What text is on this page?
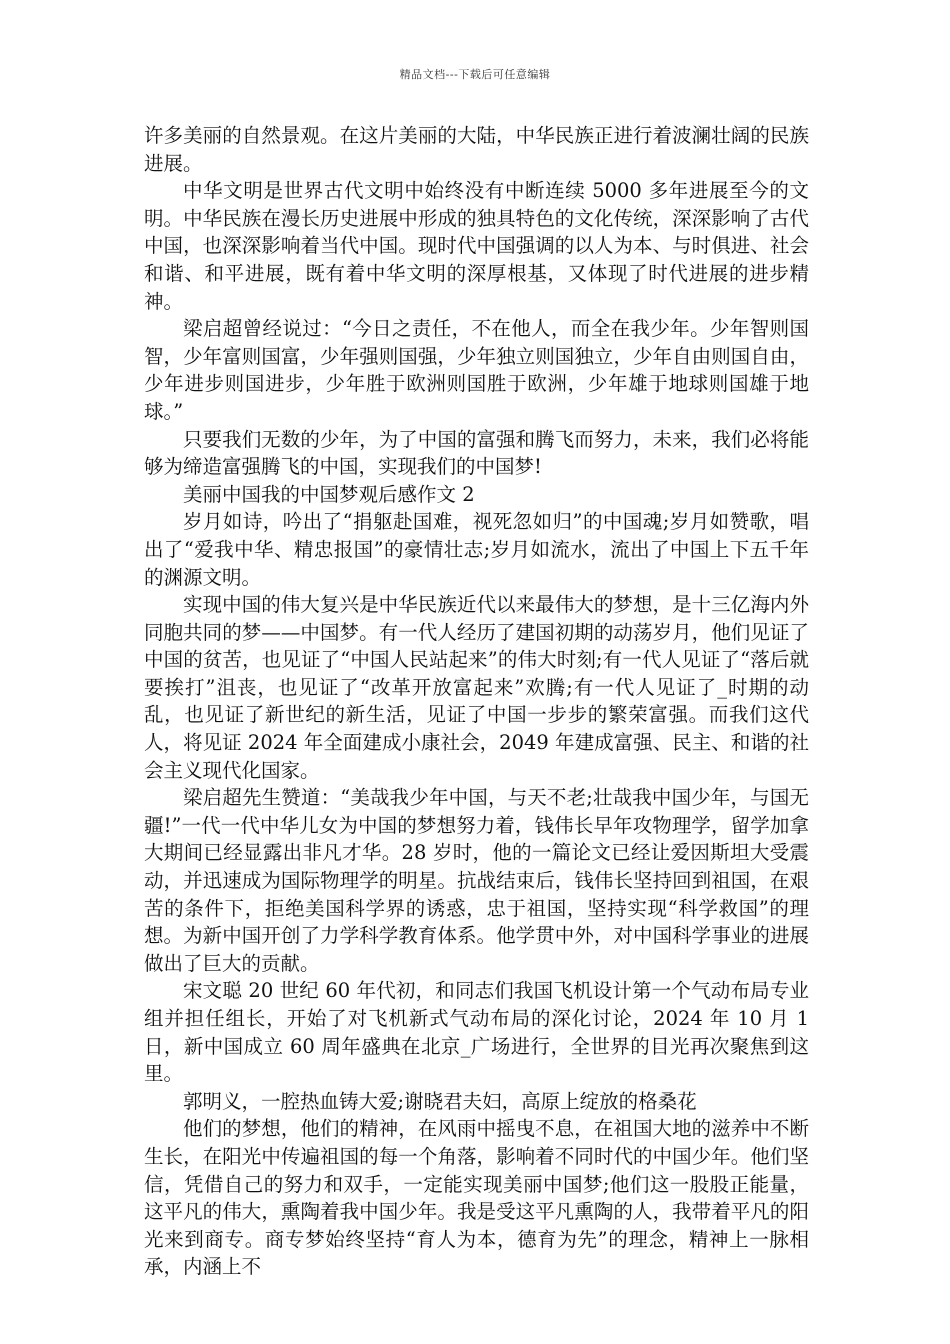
精品文档---下载后可任意编辑

许多美丽的自然景观。在这片美丽的大陆，中华民族正进行着波澜壮阔的民族进展。

中华文明是世界古代文明中始终没有中断连续 5000 多年进展至今的文明。中华民族在漫长历史进展中形成的独具特色的文化传统，深深影响了古代中国，也深深影响着当代中国。现时代中国强调的以人为本、与时俱进、社会和谐、和平进展，既有着中华文明的深厚根基，又体现了时代进展的进步精神。

梁启超曾经说过：“今日之责任，不在他人，而全在我少年。少年智则国智，少年富则国富，少年强则国强，少年独立则国独立，少年自由则国自由，少年进步则国进步，少年胜于欧洲则国胜于欧洲，少年雄于地球则国雄于地球。”

只要我们无数的少年，为了中国的富强和腾飞而努力，未来，我们必将能够为缔造富强腾飞的中国，实现我们的中国梦!

美丽中国我的中国梦观后感作文 2

岁月如诗，吟出了“捐躯赴国难，视死忽如归”的中国魂;岁月如赞歌，唱出了“爱我中华、精忠报国”的豪情壮志;岁月如流水，流出了中国上下五千年的渊源文明。

实现中国的伟大复兴是中华民族近代以来最伟大的梦想，是十三亿海内外同胞共同的梦——中国梦。有一代人经历了建国初期的动荡岁月，他们见证了中国的贫苦，也见证了“中国人民站起来”的伟大时刻;有一代人见证了“落后就要挨打”沮丧，也见证了“改革开放富起来”欢腾;有一代人见证了_时期的动乱，也见证了新世纪的新生活，见证了中国一步步的繁荣富强。而我们这代人，将见证 2024 年全面建成小康社会，2049 年建成富强、民主、和谐的社会主义现代化国家。

梁启超先生赞道：“美哉我少年中国，与天不老;壮哉我中国少年，与国无疆!”一代一代中华儿女为中国的梦想努力着，钱伟长早年攻物理学，留学加拿大期间已经显露出非凡才华。28 岁时，他的一篇论文已经让爱因斯坦大受震动，并迅速成为国际物理学的明星。抗战结束后，钱伟长坚持回到祖国，在艰苦的条件下，拒绝美国科学界的诱惑，忠于祖国，坚持实现“科学救国”的理想。为新中国开创了力学科学教育体系。他学贯中外，对中国科学事业的进展做出了巨大的贡献。

宋文聪 20 世纪 60 年代初，和同志们我国飞机设计第一个气动布局专业组并担任组长，开始了对飞机新式气动布局的深化讨论，2024 年 10 月 1 日，新中国成立 60 周年盛典在北京_广场进行，全世界的目光再次聚焦到这里。

郭明义，一腔热血铸大爱;谢晓君夫妇，高原上绽放的格桑花

他们的梦想，他们的精神，在风雨中摇曳不息，在祖国大地的滋养中不断生长，在阳光中传遍祖国的每一个角落，影响着不同时代的中国少年。他们坚信，凭借自己的努力和双手，一定能实现美丽中国梦;他们这一股股正能量，这平凡的伟大，熏陶着我中国少年。我是受这平凡熏陶的人，我带着平凡的阳光来到商专。商专梦始终坚持“育人为本，德育为先”的理念，精神上一脉相承，内涵上不
